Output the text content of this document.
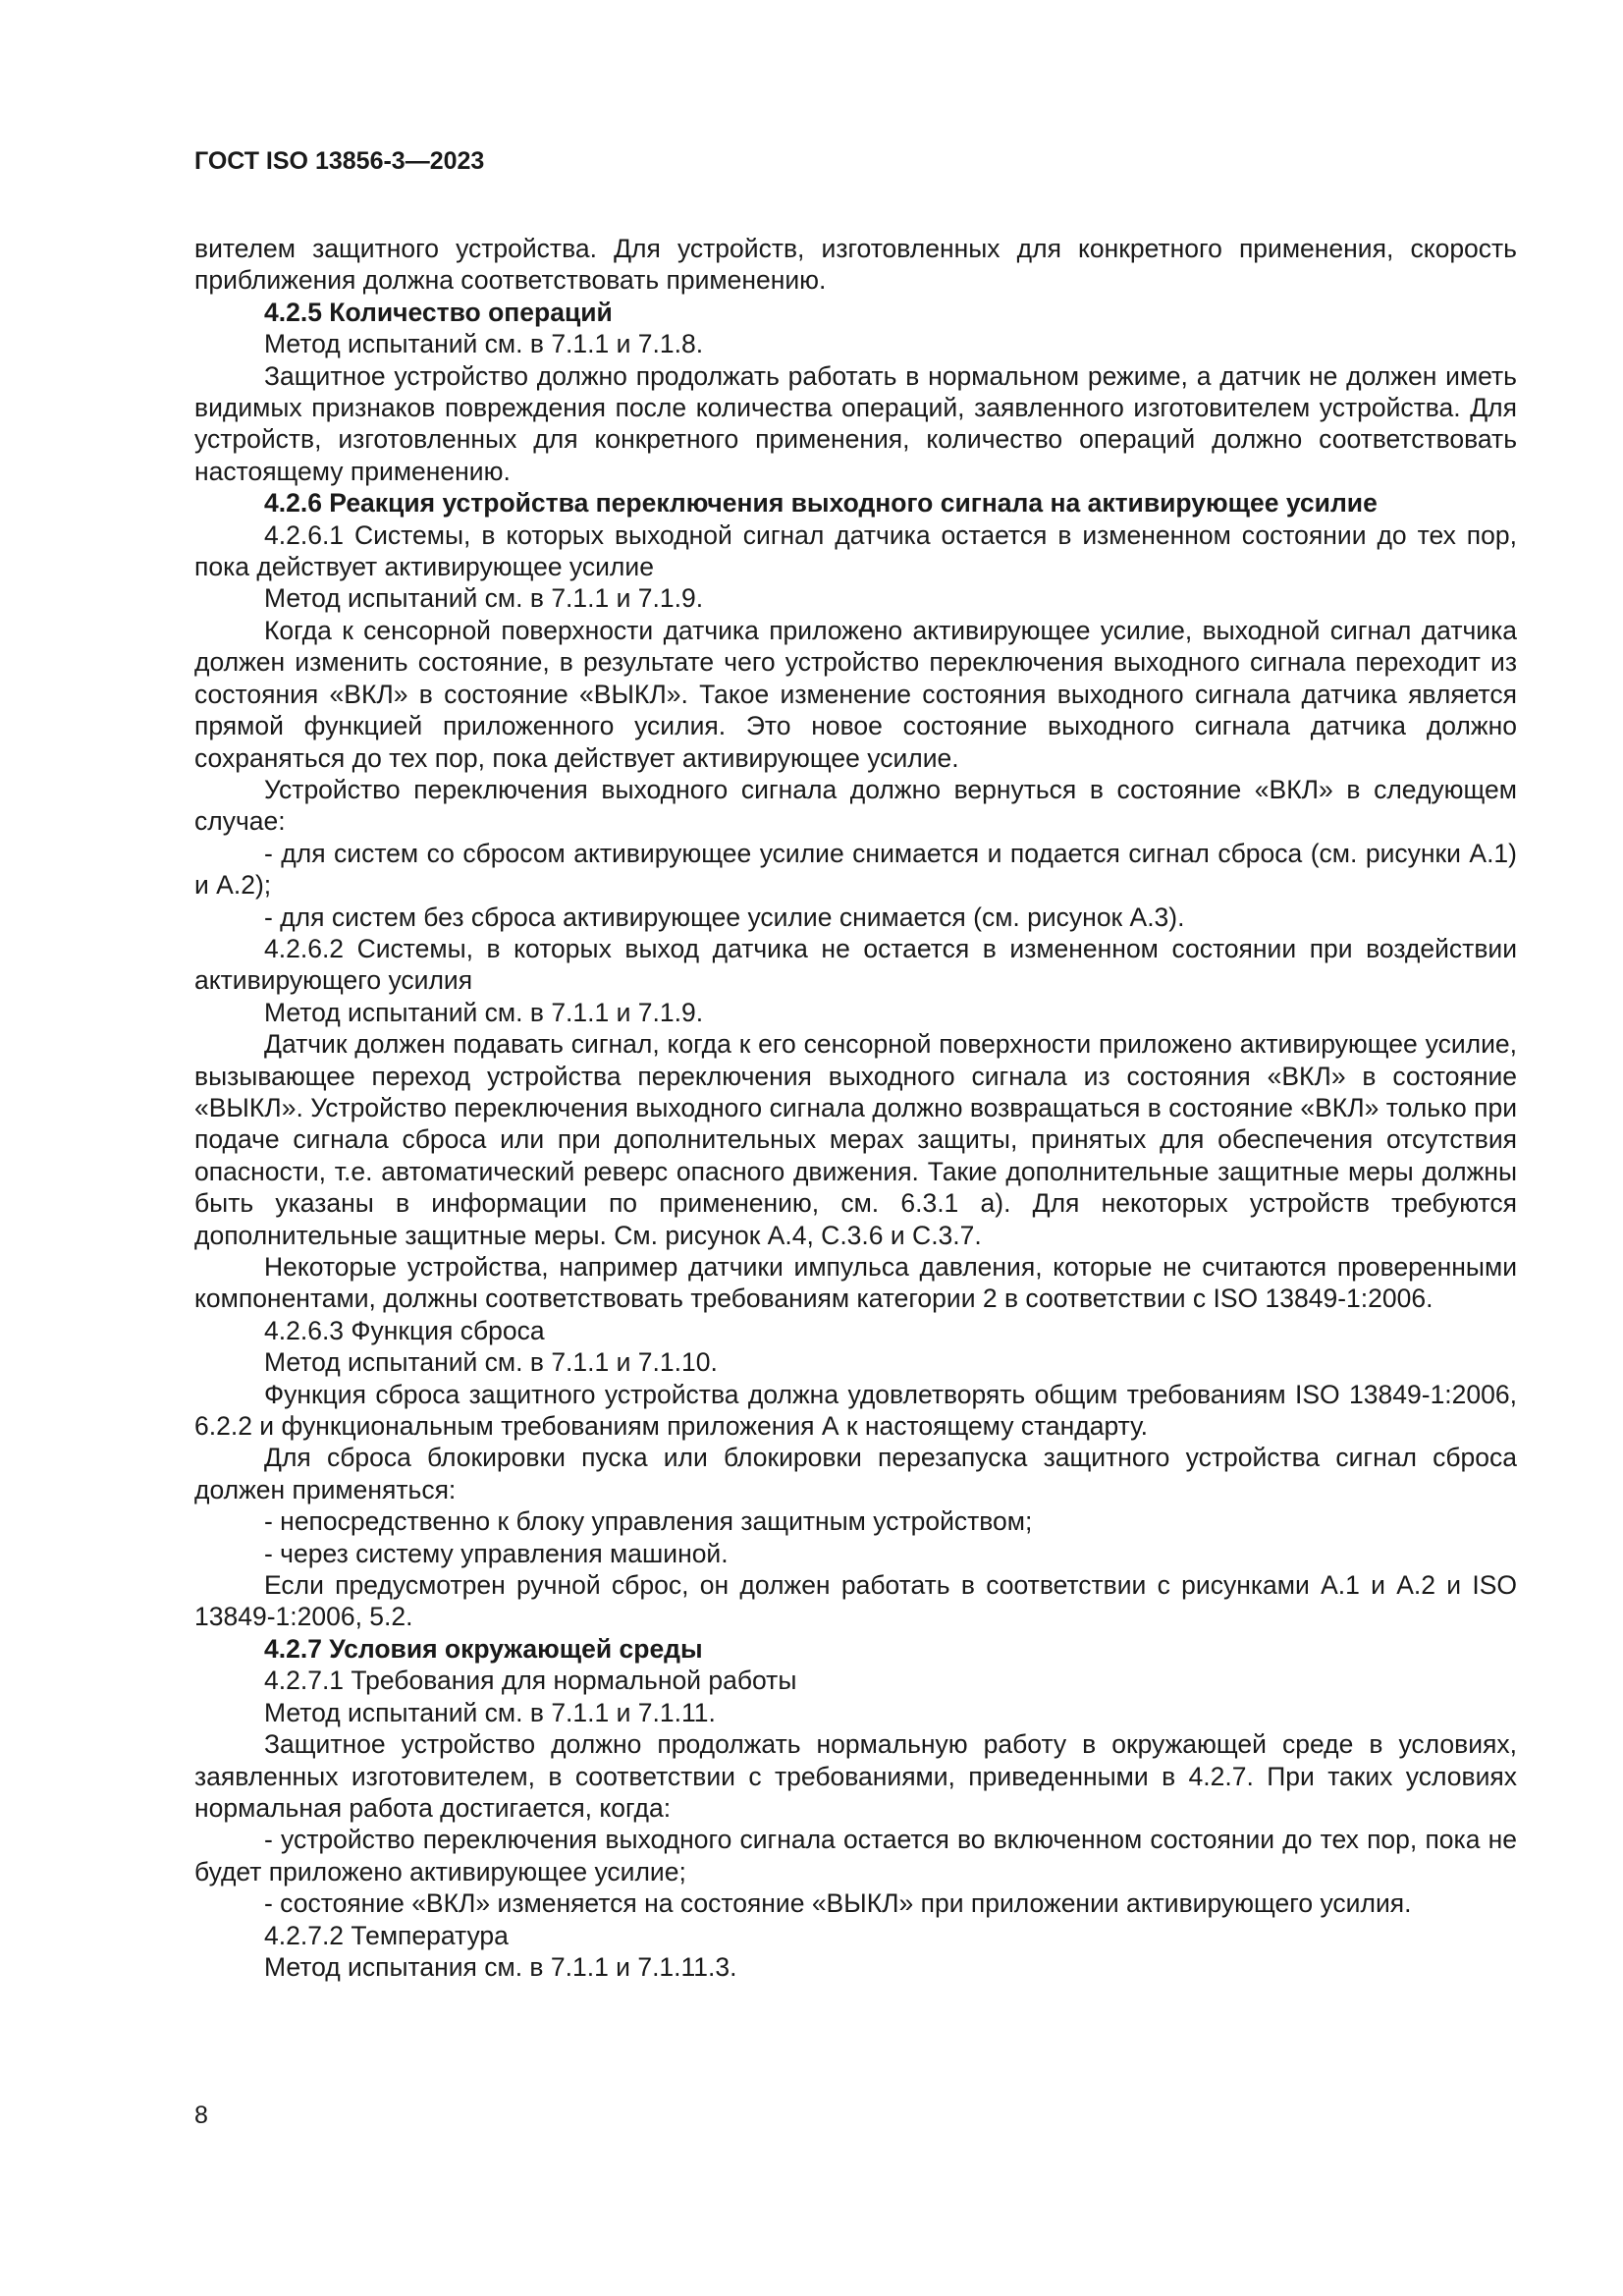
ГОСТ ISO 13856-3—2023

вителем защитного устройства. Для устройств, изготовленных для конкретного применения, скорость приближения должна соответствовать применению.

4.2.5 Количество операций

Метод испытаний см. в 7.1.1 и 7.1.8.

Защитное устройство должно продолжать работать в нормальном режиме, а датчик не должен иметь видимых признаков повреждения после количества операций, заявленного изготовителем устройства. Для устройств, изготовленных для конкретного применения, количество операций должно соответствовать настоящему применению.

4.2.6 Реакция устройства переключения выходного сигнала на активирующее усилие

4.2.6.1 Системы, в которых выходной сигнал датчика остается в измененном состоянии до тех пор, пока действует активирующее усилие

Метод испытаний см. в 7.1.1 и 7.1.9.

Когда к сенсорной поверхности датчика приложено активирующее усилие, выходной сигнал датчика должен изменить состояние, в результате чего устройство переключения выходного сигнала переходит из состояния «ВКЛ» в состояние «ВЫКЛ». Такое изменение состояния выходного сигнала датчика является прямой функцией приложенного усилия. Это новое состояние выходного сигнала датчика должно сохраняться до тех пор, пока действует активирующее усилие.

Устройство переключения выходного сигнала должно вернуться в состояние «ВКЛ» в следующем случае:

- для систем со сбросом активирующее усилие снимается и подается сигнал сброса (см. рисунки А.1) и А.2);

- для систем без сброса активирующее усилие снимается (см. рисунок А.3).

4.2.6.2 Системы, в которых выход датчика не остается в измененном состоянии при воздействии активирующего усилия

Метод испытаний см. в 7.1.1 и 7.1.9.

Датчик должен подавать сигнал, когда к его сенсорной поверхности приложено активирующее усилие, вызывающее переход устройства переключения выходного сигнала из состояния «ВКЛ» в состояние «ВЫКЛ». Устройство переключения выходного сигнала должно возвращаться в состояние «ВКЛ» только при подаче сигнала сброса или при дополнительных мерах защиты, принятых для обеспечения отсутствия опасности, т.е. автоматический реверс опасного движения. Такие дополнительные защитные меры должны быть указаны в информации по применению, см. 6.3.1 а). Для некоторых устройств требуются дополнительные защитные меры. См. рисунок А.4, С.3.6 и С.3.7.

Некоторые устройства, например датчики импульса давления, которые не считаются проверенными компонентами, должны соответствовать требованиям категории 2 в соответствии с ISO 13849-1:2006.

4.2.6.3 Функция сброса

Метод испытаний см. в 7.1.1 и 7.1.10.

Функция сброса защитного устройства должна удовлетворять общим требованиям ISO 13849-1:2006, 6.2.2 и функциональным требованиям приложения А к настоящему стандарту.

Для сброса блокировки пуска или блокировки перезапуска защитного устройства сигнал сброса должен применяться:

- непосредственно к блоку управления защитным устройством;

- через систему управления машиной.

Если предусмотрен ручной сброс, он должен работать в соответствии с рисунками А.1 и А.2 и ISO 13849-1:2006, 5.2.

4.2.7 Условия окружающей среды

4.2.7.1 Требования для нормальной работы

Метод испытаний см. в 7.1.1 и 7.1.11.

Защитное устройство должно продолжать нормальную работу в окружающей среде в условиях, заявленных изготовителем, в соответствии с требованиями, приведенными в 4.2.7. При таких условиях нормальная работа достигается, когда:

- устройство переключения выходного сигнала остается во включенном состоянии до тех пор, пока не будет приложено активирующее усилие;

- состояние «ВКЛ» изменяется на состояние «ВЫКЛ» при приложении активирующего усилия.

4.2.7.2 Температура

Метод испытания см. в 7.1.1 и 7.1.11.3.

8
